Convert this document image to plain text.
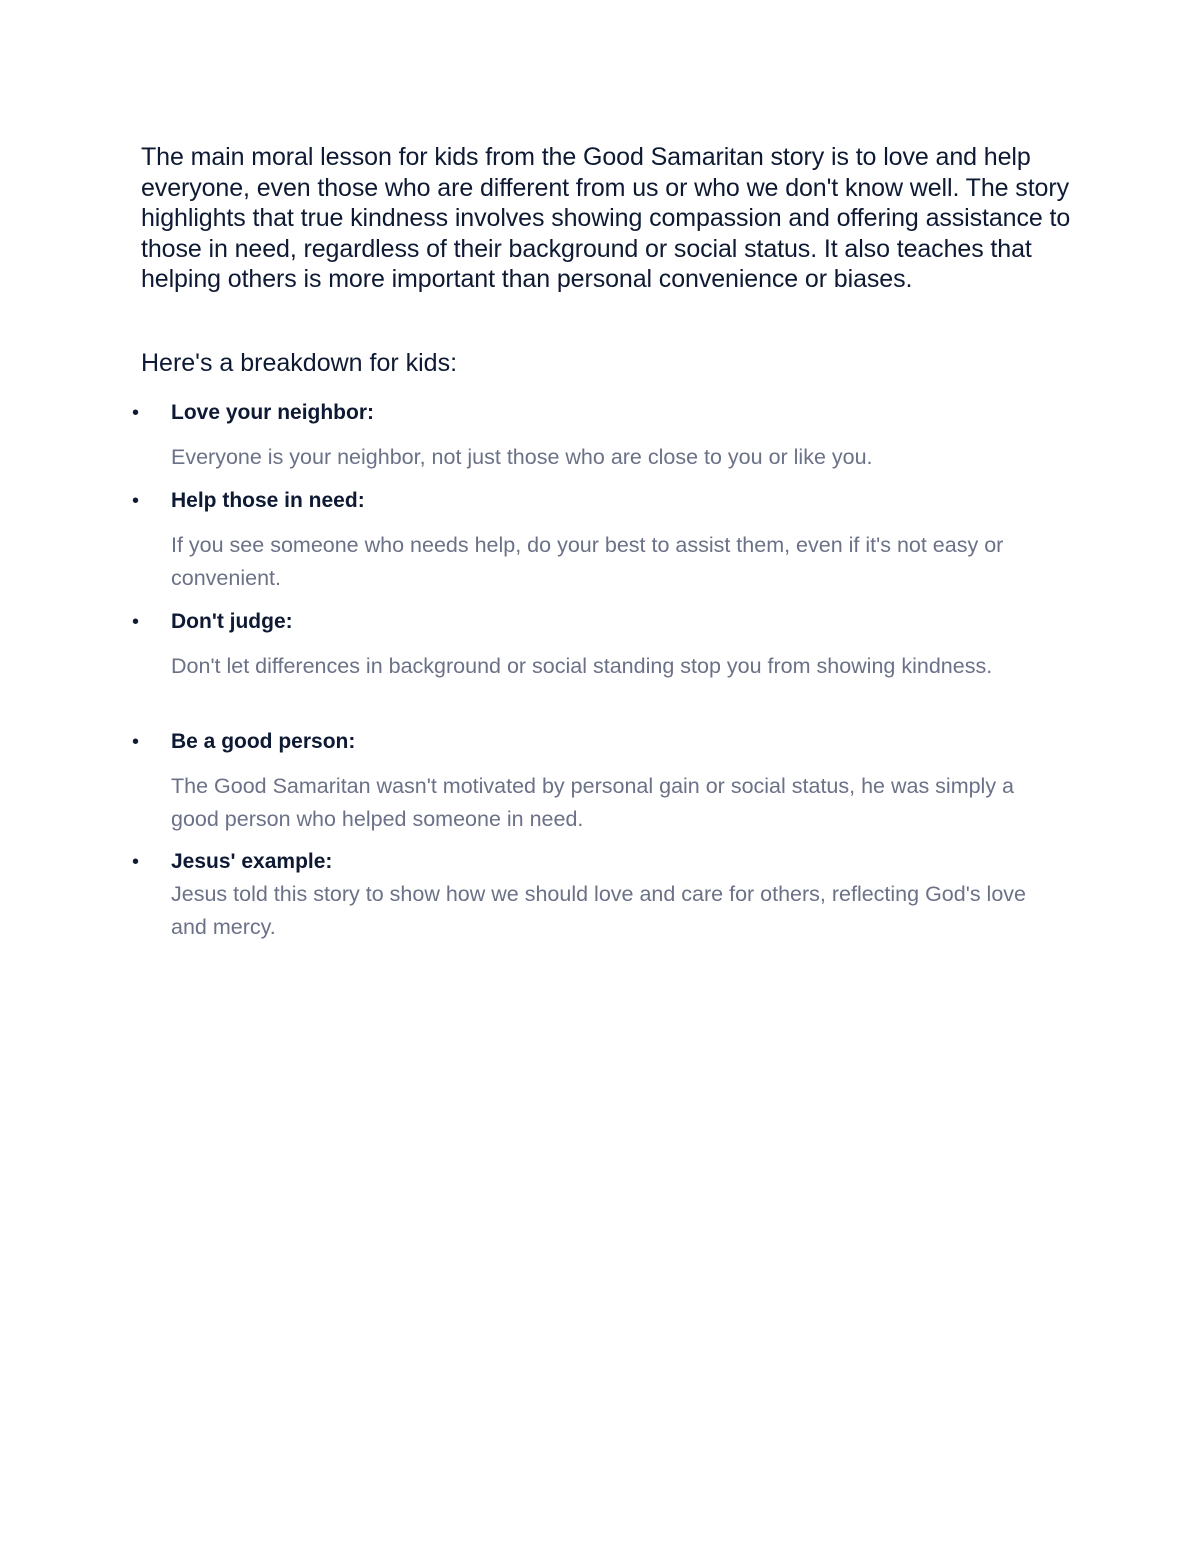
The main moral lesson for kids from the Good Samaritan story is to love and help everyone, even those who are different from us or who we don't know well. The story highlights that true kindness involves showing compassion and offering assistance to those in need, regardless of their background or social status. It also teaches that helping others is more important than personal convenience or biases.

Here's a breakdown for kids:

• Love your neighbor:

Everyone is your neighbor, not just those who are close to you or like you.

• Help those in need:

If you see someone who needs help, do your best to assist them, even if it's not easy or convenient.

• Don't judge:

Don't let differences in background or social standing stop you from showing kindness.

• Be a good person:

The Good Samaritan wasn't motivated by personal gain or social status, he was simply a good person who helped someone in need.

• Jesus' example:

Jesus told this story to show how we should love and care for others, reflecting God's love and mercy.
